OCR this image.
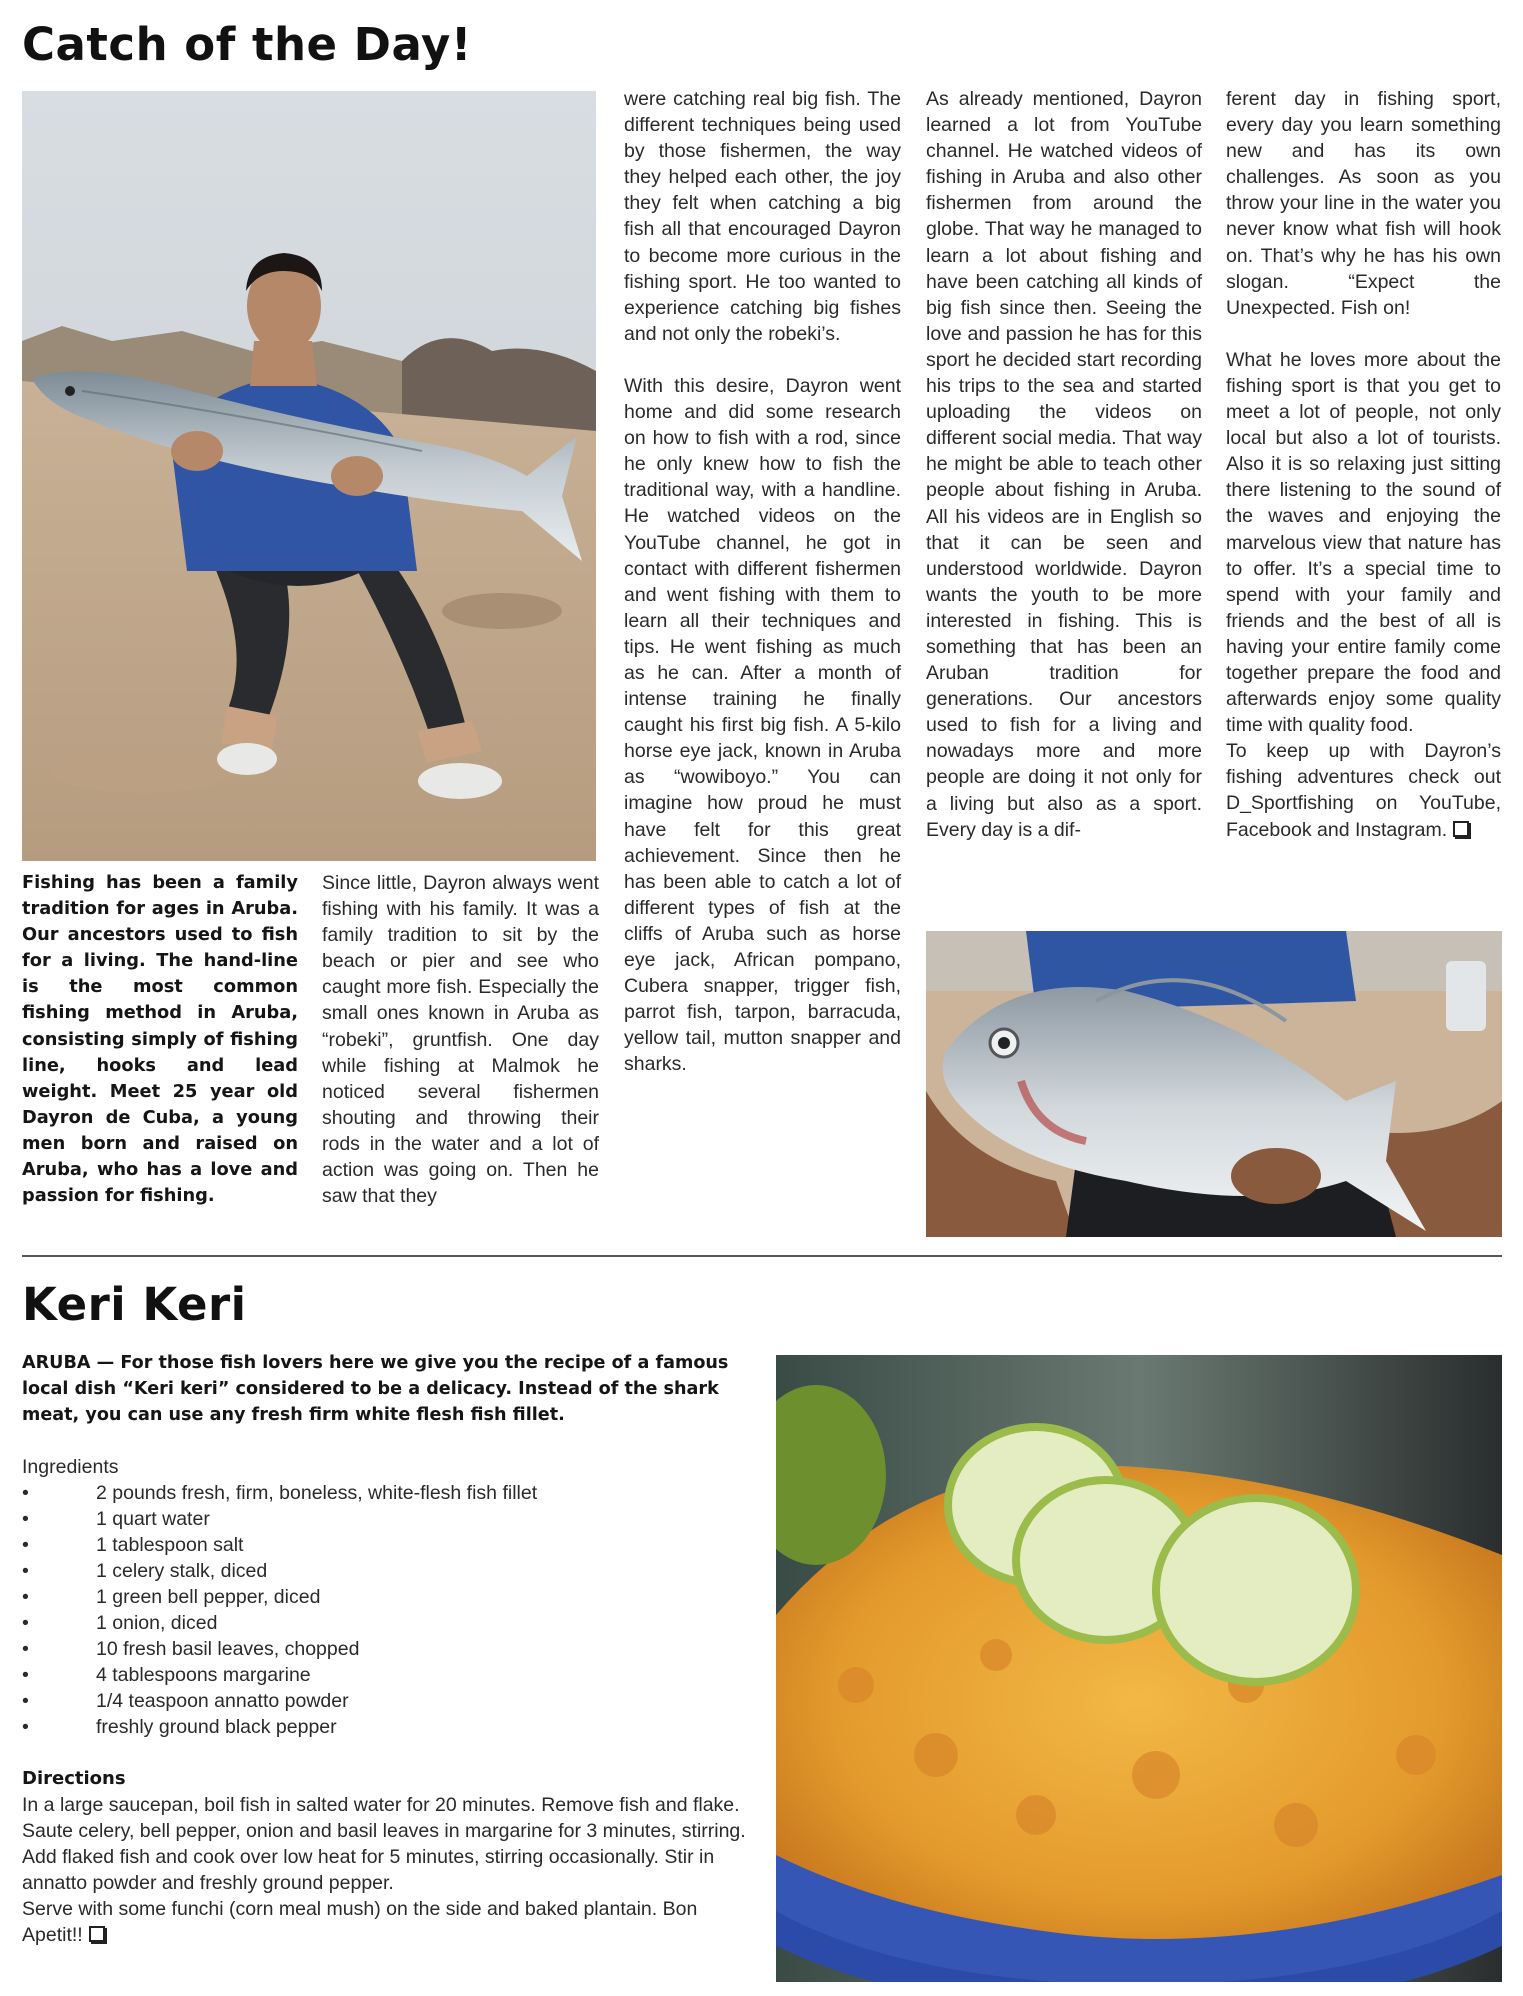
Catch of the Day!
Fishing has been a family tradition for ages in Aruba. Our ancestors used to fish for a living. The hand-line is the most common fishing method in Aruba, consisting simply of fishing line, hooks and lead weight. Meet 25 year old Dayron de Cuba, a young men born and raised on Aruba, who has a love and passion for fishing.

Since little, Dayron always went fishing with his family. It was a family tradition to sit by the beach or pier and see who caught more fish. Especially the small ones known in Aruba as “robeki”, gruntfish. One day while fishing at Malmok he noticed several fishermen shouting and throwing their rods in the water and a lot of action was going on. Then he saw that they

were catching real big fish. The different techniques being used by those fishermen, the way they helped each other, the joy they felt when catching a big fish all that encouraged Dayron to become more curious in the fishing sport. He too wanted to experience catching big fishes and not only the robeki’s.

With this desire, Dayron went home and did some research on how to fish with a rod, since he only knew how to fish the traditional way, with a handline. He watched videos on the YouTube channel, he got in contact with different fishermen and went fishing with them to learn all their techniques and tips. He went fishing as much as he can. After a month of intense training he finally caught his first big fish. A 5-kilo horse eye jack, known in Aruba as “wowiboyo.” You can imagine how proud he must have felt for this great achievement. Since then he has been able to catch a lot of different types of fish at the cliffs of Aruba such as horse eye jack, African pompano, Cubera snapper, trigger fish, parrot fish, tarpon, barracuda, yellow tail, mutton snapper and sharks.

As already mentioned, Dayron learned a lot from YouTube channel. He watched videos of fishing in Aruba and also other fishermen from around the globe. That way he managed to learn a lot about fishing and have been catching all kinds of big fish since then. Seeing the love and passion he has for this sport he decided start recording his trips to the sea and started uploading the videos on different social media. That way he might be able to teach other people about fishing in Aruba. All his videos are in English so that it can be seen and understood worldwide. Dayron wants the youth to be more interested in fishing. This is something that has been an Aruban tradition for generations. Our ancestors used to fish for a living and nowadays more and more people are doing it not only for a living but also as a sport. Every day is a dif-

ferent day in fishing sport, every day you learn something new and has its own challenges. As soon as you throw your line in the water you never know what fish will hook on. That’s why he has his own slogan. “Expect the Unexpected. Fish on!

What he loves more about the fishing sport is that you get to meet a lot of people, not only local but also a lot of tourists. Also it is so relaxing just sitting there listening to the sound of the waves and enjoying the marvelous view that nature has to offer. It’s a special time to spend with your family and friends and the best of all is having your entire family come together prepare the food and afterwards enjoy some quality time with quality food.

To keep up with Dayron’s fishing adventures check out D_Sportfishing on YouTube, Facebook and Instagram.

Keri Keri
ARUBA — For those fish lovers here we give you the recipe of a famous local dish “Keri keri” considered to be a delicacy. Instead of the shark meat, you can use any fresh firm white flesh fish fillet.
Ingredients
• 2 pounds fresh, firm, boneless, white-flesh fish fillet
• 1 quart water
• 1 tablespoon salt
• 1 celery stalk, diced
• 1 green bell pepper, diced
• 1 onion, diced
• 10 fresh basil leaves, chopped
• 4 tablespoons margarine
• 1/4 teaspoon annatto powder
• freshly ground black pepper
Directions
In a large saucepan, boil fish in salted water for 20 minutes. Remove fish and flake. Saute celery, bell pepper, onion and basil leaves in margarine for 3 minutes, stirring. Add flaked fish and cook over low heat for 5 minutes, stirring occasionally. Stir in annatto powder and freshly ground pepper.
Serve with some funchi (corn meal mush) on the side and baked plantain. Bon Apetit!!
